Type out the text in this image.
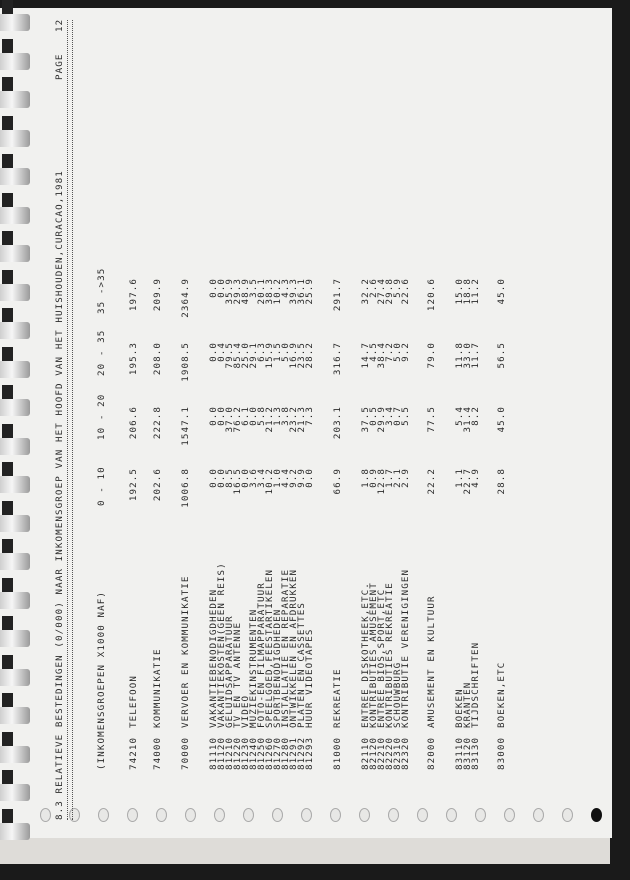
8.3 RELATIEVE BESTEDINGEN (0/000) NAAR INKOMENSGROEP VAN HET HOOFD VAN HET HUISHOUDEN,CURACAO,1981
PAGE
12
(INKOMENSGROEPEN X1000 NAF)
0 - 10
10 - 20
20 - 35
35 ->35
74210
TELEFOON
192.5
206.6
195.3
197.6
74000
KOMMUNIKATIE
202.6
222.8
208.0
209.9
70000
VERVOER EN KOMMUNIKATIE
1006.8
1547.1
1908.5
2364.9
81110
VAKANTIEBENODIGDHEDEN
0.0
0.0
0.0
0.0
81120
VAKANTIEKOSTEN(GEEN REIS)
0.0
0.0
0.4
0.0
81210
GELUIDSAPPARATUUR
8.5
37.0
79.5
35.9
81220
TV EN TV ANTENNE
16.5
76.2
85.4
29.3
81230
VIDEO
0.0
6.1
25.0
48.9
81240
MUZIEKINSTRUMENTEN
3.6
0.0
29.1
3.5
81250
FOTO-EN FILMAPPARATUUR
3.4
5.8
6.3
20.1
81260
SPEELGOED,FEESTARTIKELEN
10.2
21.2
15.9
38.3
81270
SPORTBENODIGDHEDEN
1.0
1.3
1.5
10.2
81280
INSTALLATIE EN REPARATIE
4.4
3.8
5.0
4.3
81291
ONTWIKKELEN EN AFDRUKKEN
9.2
23.2
16.9
39.3
81292
PLATEN EN CASSETTES
9.9
21.3
23.5
36.1
81293
HUUR VIDEOTAPES
0.0
7.3
28.2
25.9
81000
REKREATIE
66.9
203.1
316.7
291.7
82110
ENTREE DISKOTHEEK,ETC.
1.8
37.5
14.7
32.2
82120
KONTRIBUTIES AMUSEMENT
0.9
0.5
4.5
2.6
82210
ENTREE BIOS,SPORT,ETC
12.8
29.9
38.4
27.4
82220
KONTRIBUTIES REKREATIE
1.7
3.4
7.2
29.8
82310
SCHOUWBURG
2.1
0.7
5.0
5.9
82320
KONTRIBUTIE VERENIGINGEN
2.9
5.5
9.2
22.6
82000
AMUSEMENT EN KULTUUR
22.2
77.5
79.0
120.6
83110
BOEKEN
1.1
5.4
11.8
15.0
83120
KRANTEN
22.7
31.4
33.0
18.8
83130
TIJDSCHRIFTEN
4.9
8.2
11.7
11.2
83000
BOEKEN,ETC
28.8
45.0
56.5
45.0
